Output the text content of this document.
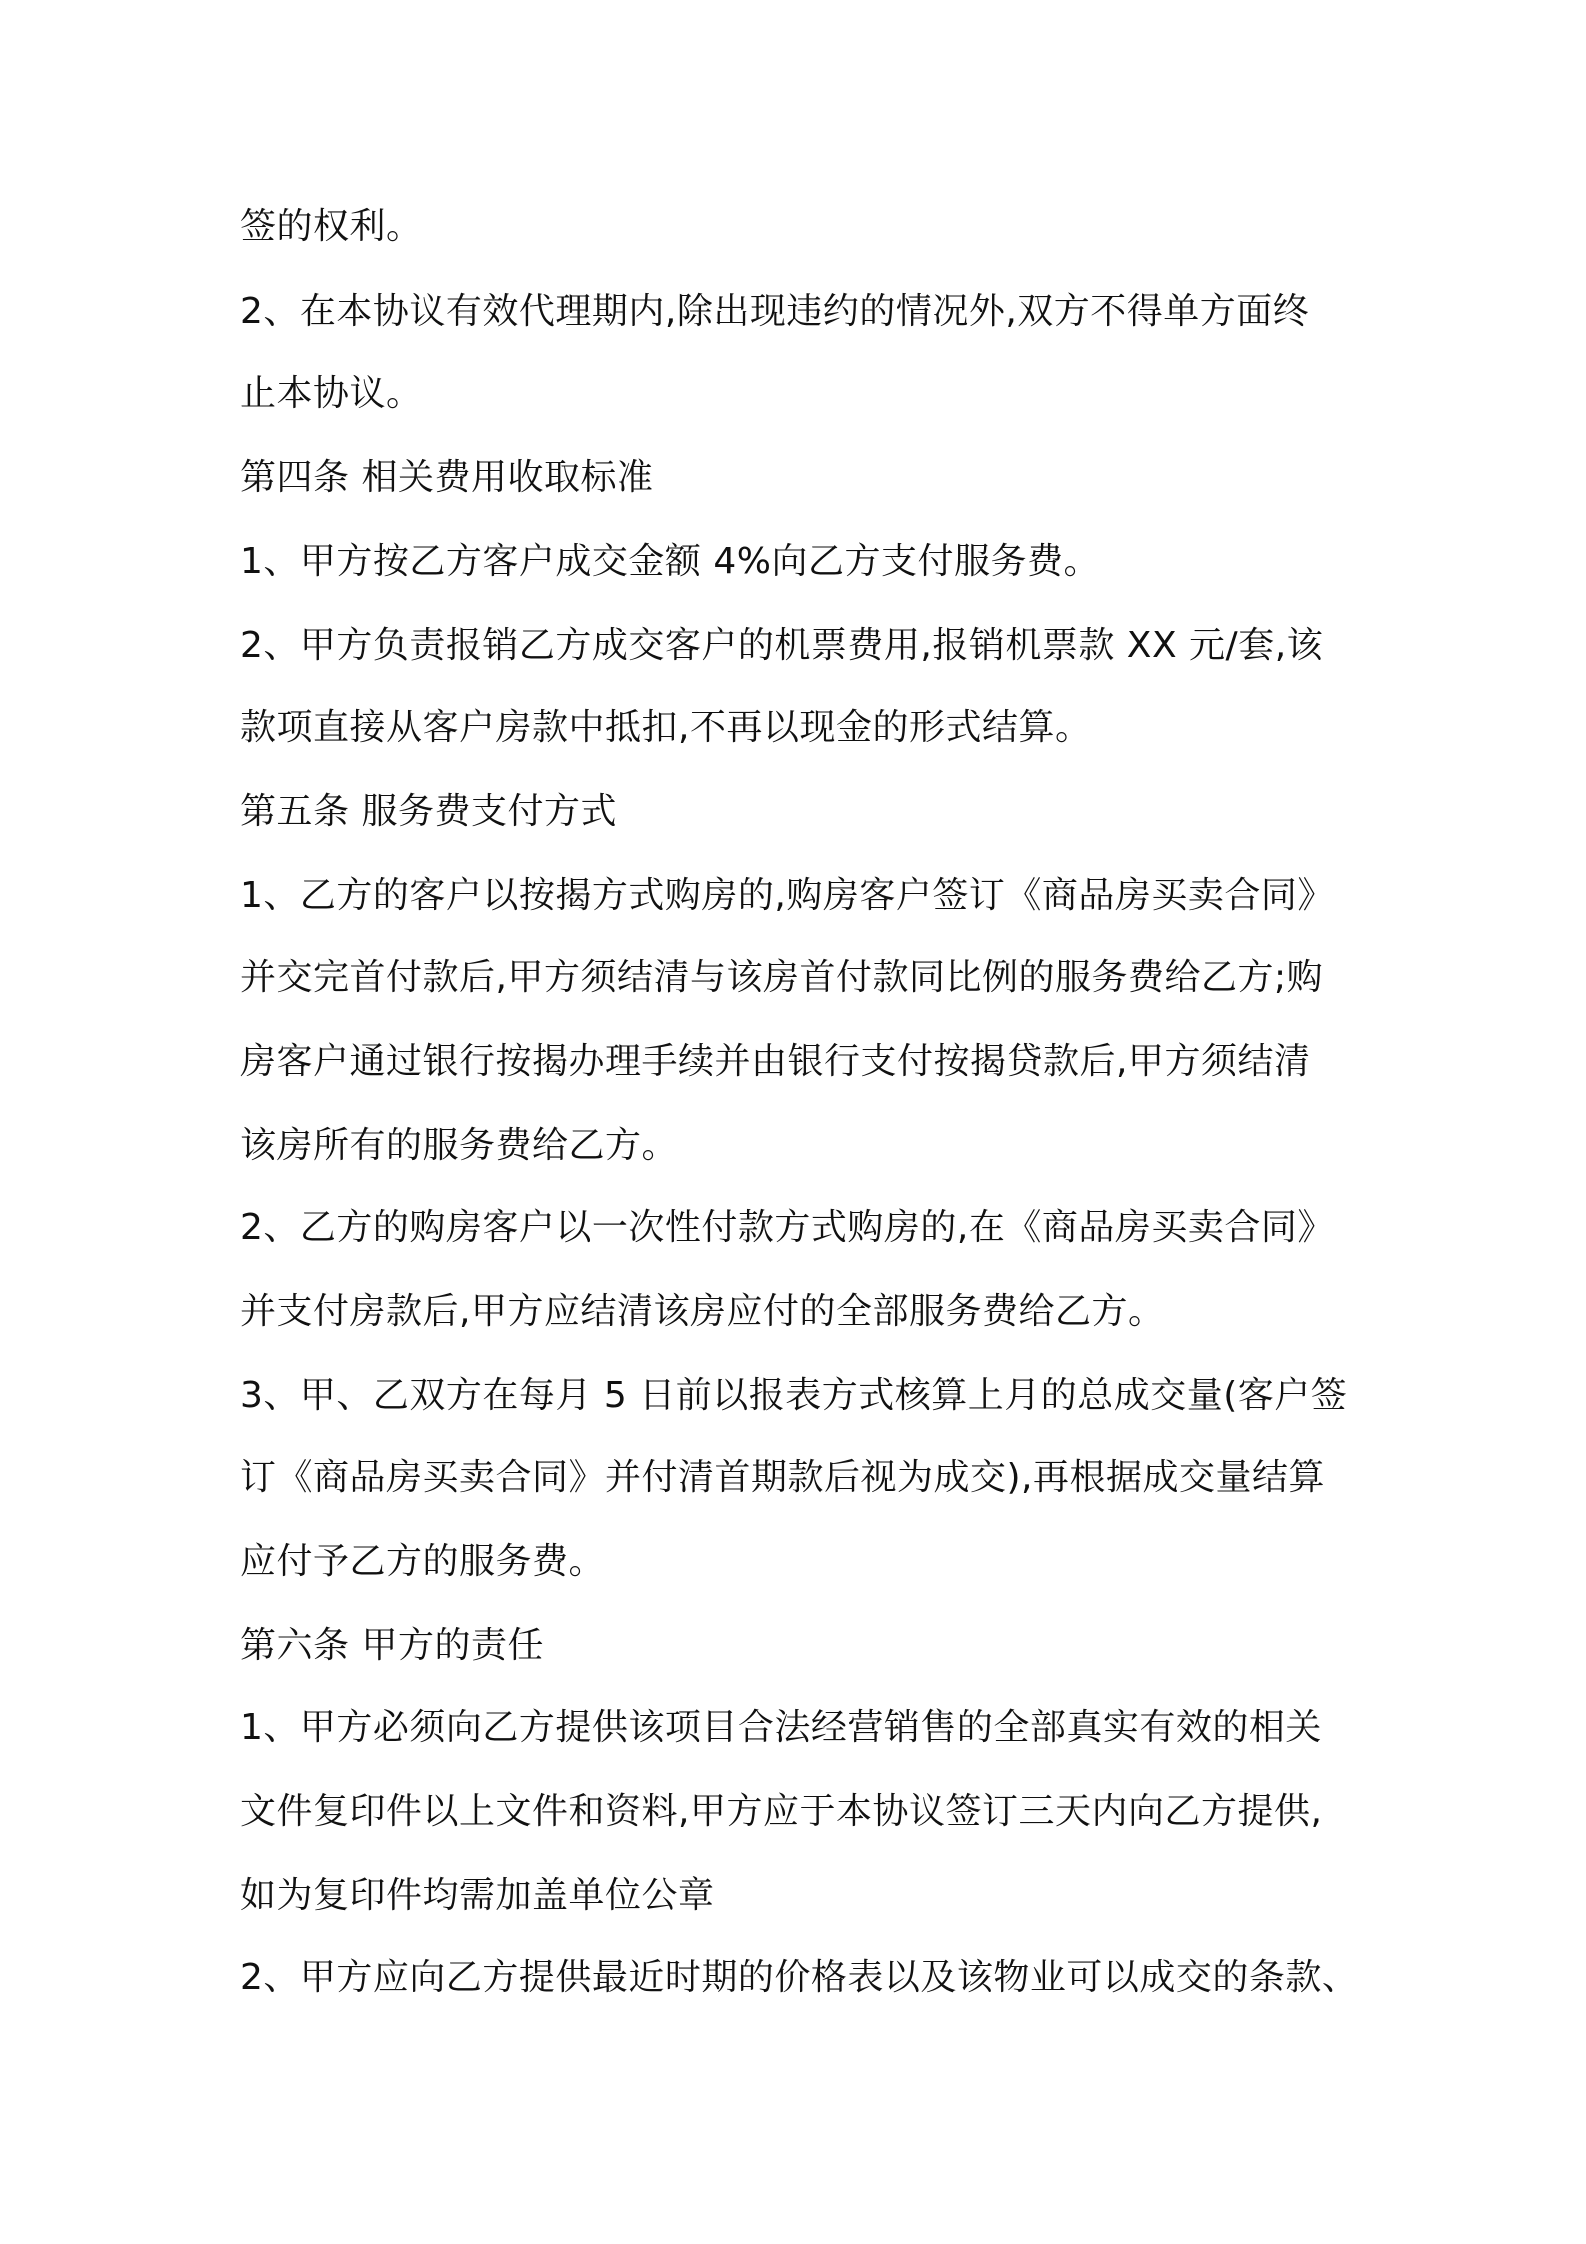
签的权利。
2、在本协议有效代理期内,除出现违约的情况外,双方不得单方面终
止本协议。
第四条 相关费用收取标准
1、甲方按乙方客户成交金额 4%向乙方支付服务费。
2、甲方负责报销乙方成交客户的机票费用,报销机票款 XX 元/套,该
款项直接从客户房款中抵扣,不再以现金的形式结算。
第五条 服务费支付方式
1、乙方的客户以按揭方式购房的,购房客户签订《商品房买卖合同》
并交完首付款后,甲方须结清与该房首付款同比例的服务费给乙方;购
房客户通过银行按揭办理手续并由银行支付按揭贷款后,甲方须结清
该房所有的服务费给乙方。
2、乙方的购房客户以一次性付款方式购房的,在《商品房买卖合同》
并支付房款后,甲方应结清该房应付的全部服务费给乙方。
3、甲、乙双方在每月 5 日前以报表方式核算上月的总成交量(客户签
订《商品房买卖合同》并付清首期款后视为成交),再根据成交量结算
应付予乙方的服务费。
第六条 甲方的责任
1、甲方必须向乙方提供该项目合法经营销售的全部真实有效的相关
文件复印件以上文件和资料,甲方应于本协议签订三天内向乙方提供,
如为复印件均需加盖单位公章
2、甲方应向乙方提供最近时期的价格表以及该物业可以成交的条款、
